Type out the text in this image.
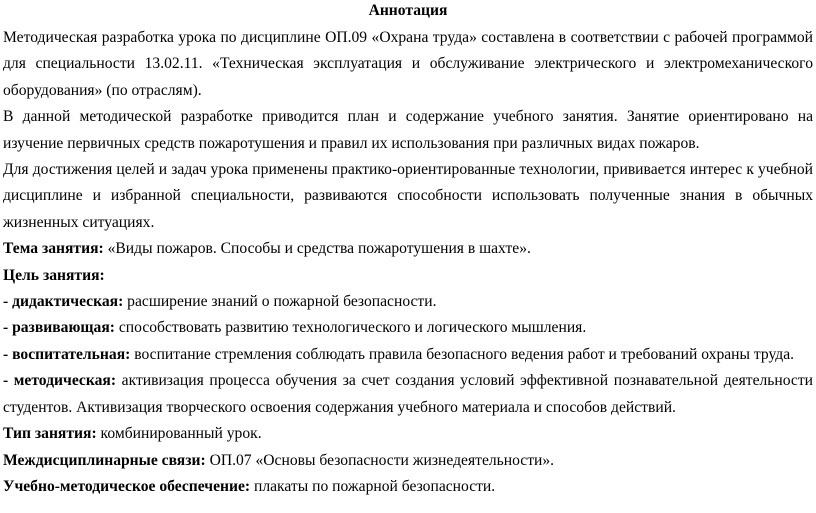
Аннотация

Методическая разработка урока по дисциплине ОП.09 «Охрана труда» составлена в соответствии с рабочей программой для специальности 13.02.11. «Техническая эксплуатация и обслуживание электрического и электромеханического оборудования» (по отраслям).

В данной методической разработке приводится план и содержание учебного занятия. Занятие ориентировано на изучение первичных средств пожаротушения и правил их использования при различных видах пожаров.

Для достижения целей и задач урока применены практико-ориентированные технологии, прививается интерес к учебной дисциплине и избранной специальности, развиваются способности использовать полученные знания в обычных жизненных ситуациях.

Тема занятия: «Виды пожаров. Способы и средства пожаротушения в шахте».

Цель занятия:

- дидактическая: расширение знаний о пожарной безопасности.

- развивающая: способствовать развитию технологического и логического мышления.

- воспитательная: воспитание стремления соблюдать правила безопасного ведения работ и требований охраны труда.

- методическая: активизация процесса обучения за счет создания условий эффективной познавательной деятельности студентов. Активизация творческого освоения содержания учебного материала и способов действий.

Тип занятия: комбинированный урок.

Междисциплинарные связи: ОП.07 «Основы безопасности жизнедеятельности».

Учебно-методическое обеспечение: плакаты по пожарной безопасности.
